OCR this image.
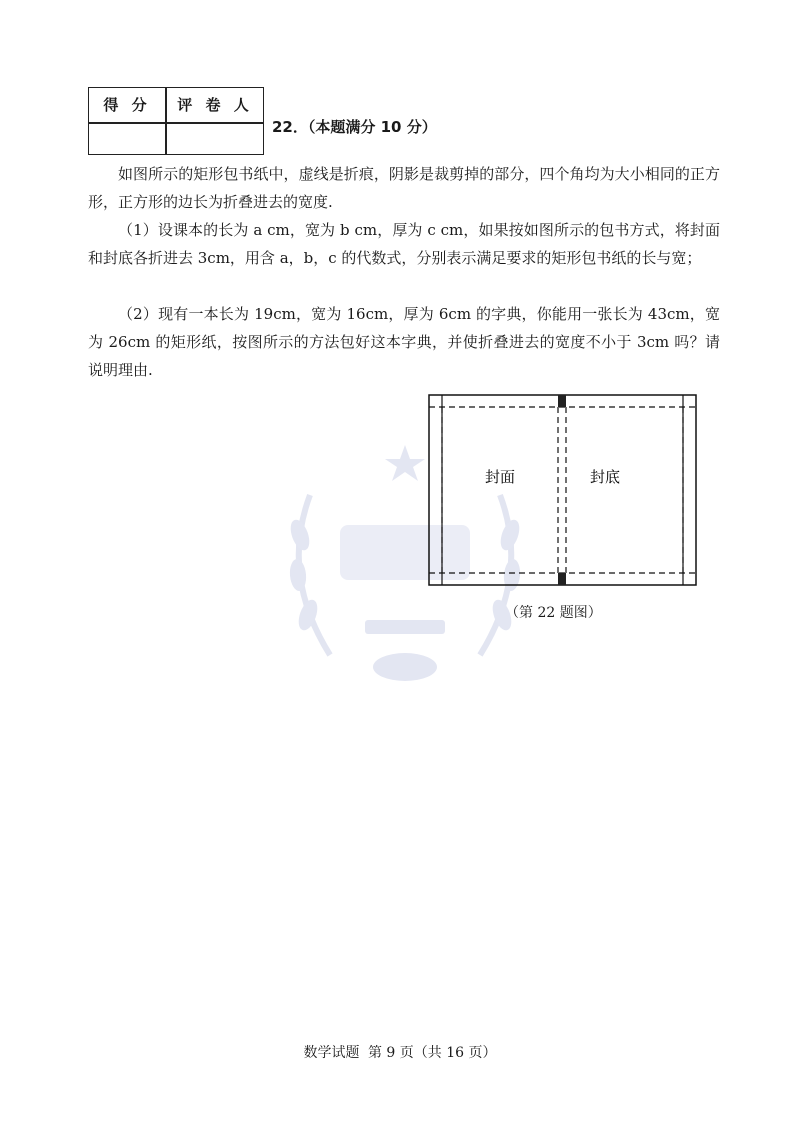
得 分	评 卷 人
22．（本题满分 10 分）

如图所示的矩形包书纸中，虚线是折痕，阴影是裁剪掉的部分，四个角均为大小相同的正方形，正方形的边长为折叠进去的宽度.

（1）设课本的长为 a cm，宽为 b cm，厚为 c cm，如果按如图所示的包书方式，将封面和封底各折进去 3cm，用含 a，b，c 的代数式，分别表示满足要求的矩形包书纸的长与宽；

（2）现有一本长为 19cm，宽为 16cm，厚为 6cm 的字典，你能用一张长为 43cm，宽为 26cm 的矩形纸，按图所示的方法包好这本字典，并使折叠进去的宽度不小于 3cm 吗？请说明理由.

封面	封底
（第 22 题图）
数学试题 第 9 页（共 16 页）
